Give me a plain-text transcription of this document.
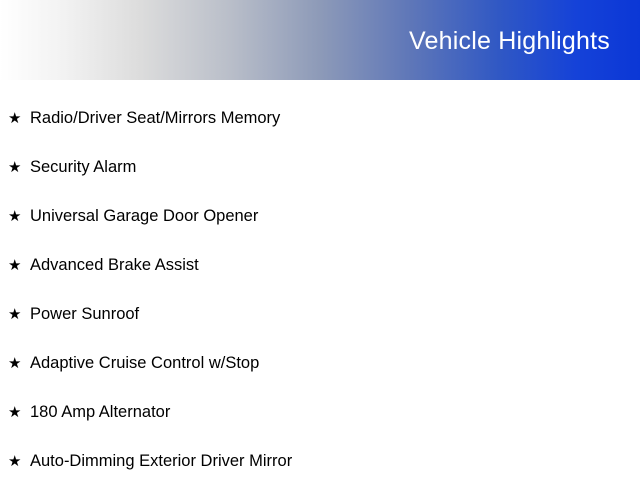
Vehicle Highlights
★ Radio/Driver Seat/Mirrors Memory
★ Security Alarm
★ Universal Garage Door Opener
★ Advanced Brake Assist
★ Power Sunroof
★ Adaptive Cruise Control w/Stop
★ 180 Amp Alternator
★ Auto-Dimming Exterior Driver Mirror
